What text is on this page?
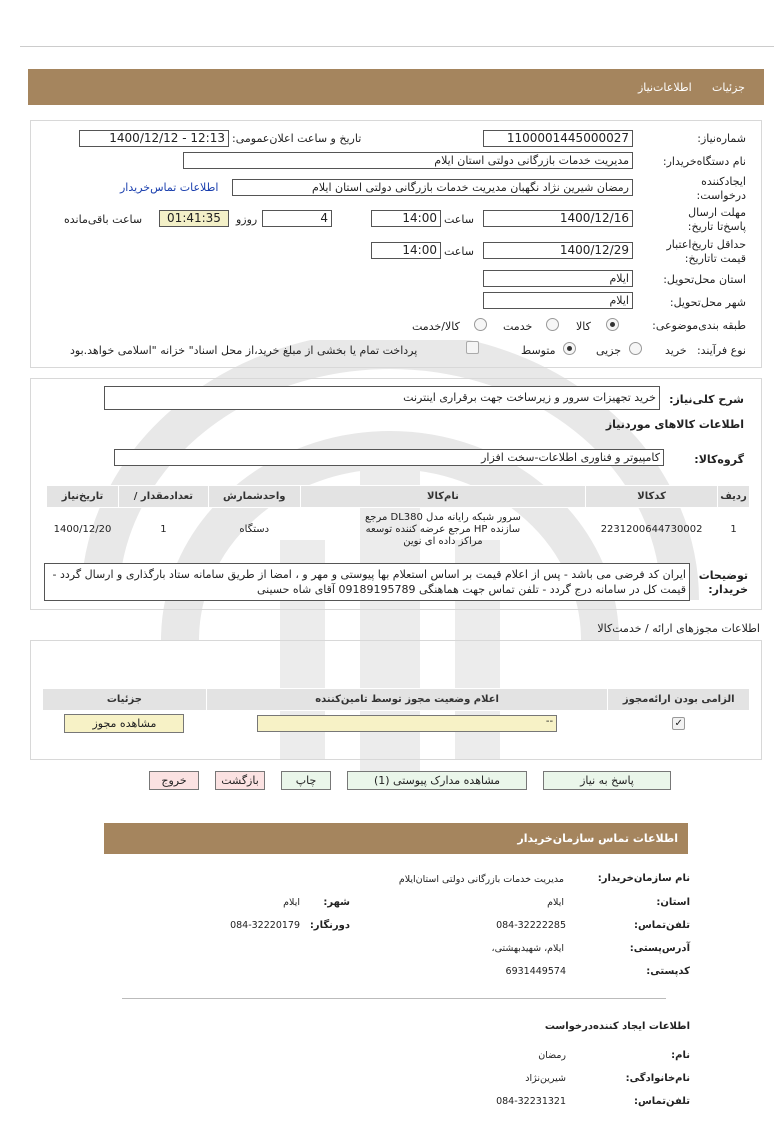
جزئیات
اطلاعات‌نیاز
شماره‌نیاز:
1100001445000027
تاریخ و ساعت اعلان‌عمومی:
1400/12/12 - 12:13
نام دستگاه‌خریدار:
مدیریت خدمات بازرگانی دولتی استان ایلام
ایجادکننده درخواست:
رمضان شیرین نژاد نگهبان مدیریت خدمات بازرگانی دولتی استان ایلام
اطلاعات تماس‌خریدار
مهلت ارسال پاسخ‌تا تاریخ:
1400/12/16
ساعت
14:00
4
روزو
01:41:35
ساعت باقی‌مانده
حداقل تاریخ‌اعتبار قیمت تا‌تاریخ:
1400/12/29
ساعت
14:00
استان محل‌تحویل:
ایلام
شهر محل‌تحویل:
ایلام
طبقه بندی‌موضوعی:
کالا
خدمت
کالا/خدمت
نوع فرآیند:
خرید
جزیی
متوسط
پرداخت تمام یا بخشی از مبلغ خرید،از محل اسناد" خزانه "اسلامی خواهد.بود
شرح کلی‌نیاز:
خرید تجهیزات سرور و زیرساخت جهت برقراری اینترنت
اطلاعات کالاهای موردنیاز
گروه‌کالا:
کامپیوتر و فناوری اطلاعات-سخت افزار
ردیف	کدکالا	نام‌کالا	واحدشمارش	تعدادمقدار /	تاریخ‌نیاز
1	2231200644730002	سرور شبکه رایانه مدل DL380 مرجع سازنده HP مرجع عرضه کننده توسعه مراکز داده ای نوین	دستگاه	1	1400/12/20
توضیحات خریدار:
ایران کد فرضی می باشد - پس از اعلام قیمت بر اساس استعلام بها پیوستی و مهر و ، امضا از طریق سامانه ستاد بارگذاری و ارسال گردد - قیمت کل در سامانه درج گردد - تلفن تماس جهت هماهنگی 09189195789 آقای شاه حسینی
اطلاعات مجوزهای ارائه / خدمت‌کالا
الزامی بودن ارائه‌مجوز	اعلام وضعیت مجوز توسط تامین‌کننده	جزئیات
✓	--	مشاهده مجوز
پاسخ به نیاز
مشاهده مدارک پیوستی (1)
چاپ
بازگشت
خروج
اطلاعات تماس سازمان‌خریدار
نام سازمان‌خریدار:
مدیریت خدمات بازرگانی دولتی استان‌ایلام
استان:
ایلام
شهر:
ایلام
تلفن‌تماس:
084-32222285
دورنگار:
084-32220179
آدرس‌پستی:
ایلام، شهیدبهشتی،
کدپستی:
6931449574
اطلاعات ایجاد کننده‌درخواست
نام:
رمضان
نام‌خانوادگی:
شیرین‌نژاد
تلفن‌تماس:
084-32231321
